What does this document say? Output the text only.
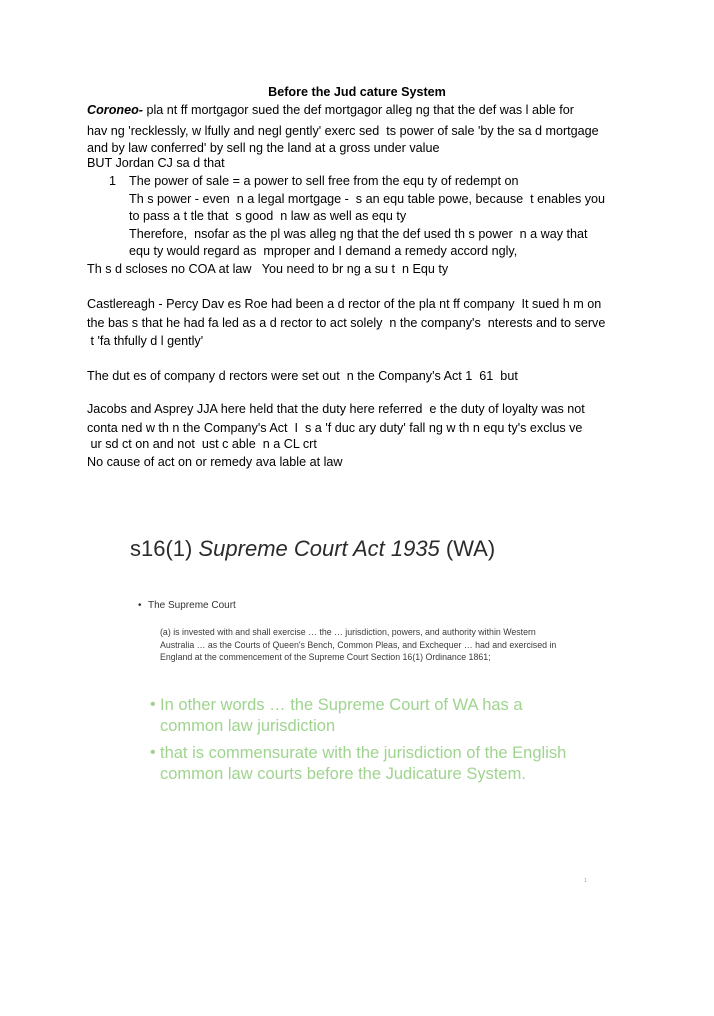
Before the Jud cature System
Coroneo- pla nt ff mortgagor sued the def mortgagor alleg ng that the def was l able for
hav ng 'recklessly, w lfully and negl gently' exerc sed  ts power of sale 'by the sa d mortgage
and by law conferred' by sell ng the land at a gross under value
BUT Jordan CJ sa d that
1 The power of sale = a power to sell free from the equ ty of redempt on
Th s power - even  n a legal mortgage -  s an equ table powe, because  t enables you
to pass a t tle that  s good  n law as well as equ ty
Therefore,  nsofar as the pl was alleg ng that the def used th s power  n a way that
equ ty would regard as  mproper and I demand a remedy accord ngly,
Th s d scloses no COA at law   You need to br ng a su t  n Equ ty
Castlereagh - Percy Dav es Roe had been a d rector of the pla nt ff company  It sued h m on
the bas s that he had fa led as a d rector to act solely  n the company's  nterests and to serve
t 'fa thfully d l gently'
The dut es of company d rectors were set out  n the Company's Act 1  61  but
Jacobs and Asprey JJA here held that the duty here referred  e the duty of loyalty was not
conta ned w th n the Company's Act  I  s a 'f duc ary duty' fall ng w th n equ ty's exclus ve
ur sd ct on and not  ust c able  n a CL crt
No cause of act on or remedy ava lable at law
s16(1) Supreme Court Act 1935 (WA)
• The Supreme Court
(a) is invested with and shall exercise … the … jurisdiction, powers, and authority within Western Australia … as the Courts of Queen's Bench, Common Pleas, and Exchequer … had and exercised in England at the commencement of the Supreme Court Section 16(1) Ordinance 1861;
• In other words … the Supreme Court of WA has a common law jurisdiction
• that is commensurate with the jurisdiction of the English common law courts before the Judicature System.
1
